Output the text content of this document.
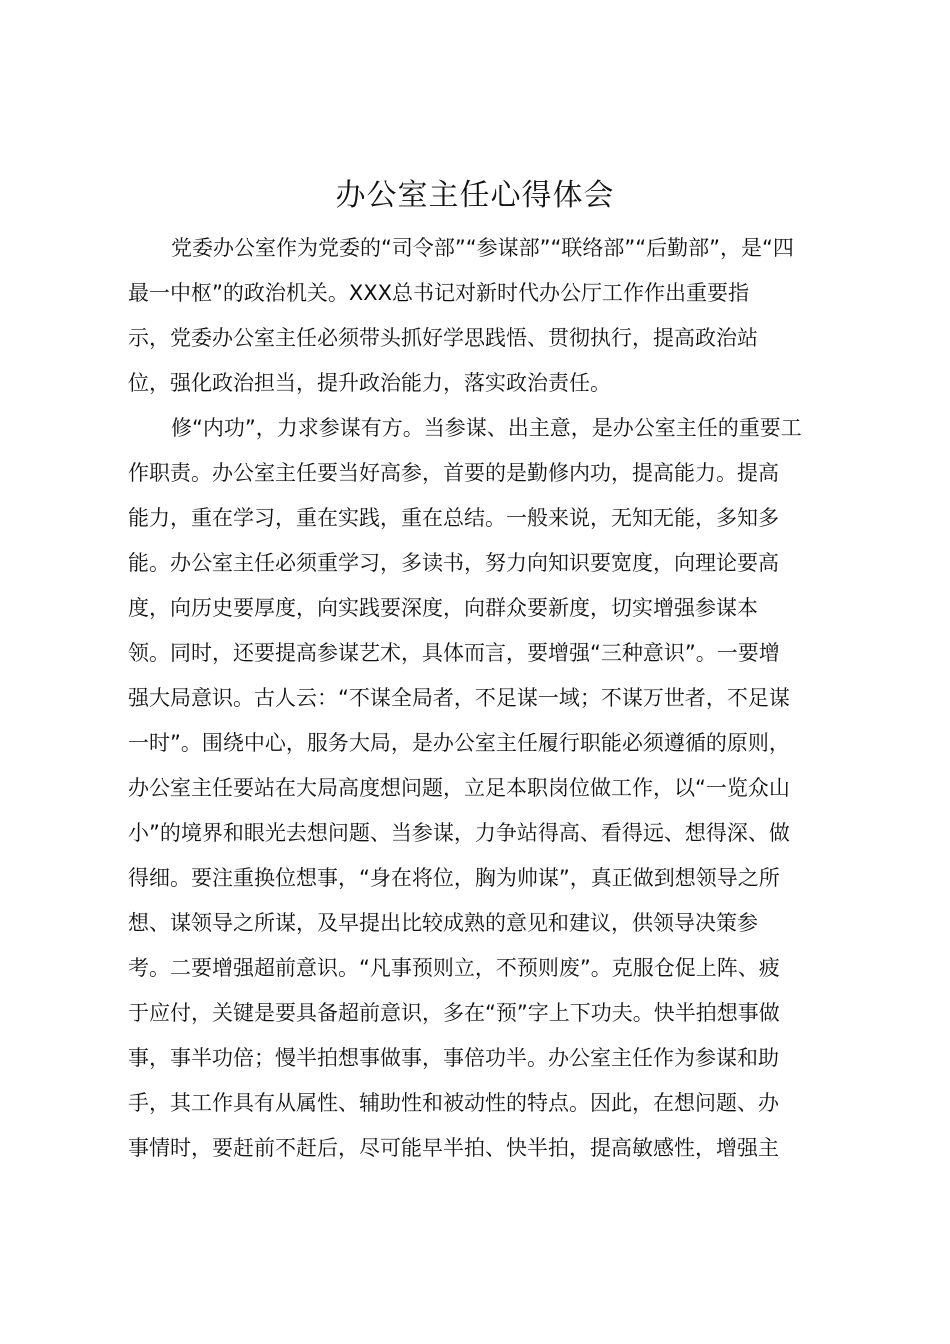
办公室主任心得体会
党委办公室作为党委的“司令部”“参谋部”“联络部”“后勤部”，是“四
最一中枢”的政治机关。XXX总书记对新时代办公厅工作作出重要指
示，党委办公室主任必须带头抓好学思践悟、贯彻执行，提高政治站
位，强化政治担当，提升政治能力，落实政治责任。
修“内功”，力求参谋有方。当参谋、出主意，是办公室主任的重要工
作职责。办公室主任要当好高参，首要的是勤修内功，提高能力。提高
能力，重在学习，重在实践，重在总结。一般来说，无知无能，多知多
能。办公室主任必须重学习，多读书，努力向知识要宽度，向理论要高
度，向历史要厚度，向实践要深度，向群众要新度，切实增强参谋本
领。同时，还要提高参谋艺术，具体而言，要增强“三种意识”。一要增
强大局意识。古人云：“不谋全局者，不足谋一域；不谋万世者，不足谋
一时”。围绕中心，服务大局，是办公室主任履行职能必须遵循的原则，
办公室主任要站在大局高度想问题，立足本职岗位做工作，以“一览众山
小”的境界和眼光去想问题、当参谋，力争站得高、看得远、想得深、做
得细。要注重换位想事，“身在将位，胸为帅谋”，真正做到想领导之所
想、谋领导之所谋，及早提出比较成熟的意见和建议，供领导决策参
考。二要增强超前意识。“凡事预则立，不预则废”。克服仓促上阵、疲
于应付，关键是要具备超前意识，多在“预”字上下功夫。快半拍想事做
事，事半功倍；慢半拍想事做事，事倍功半。办公室主任作为参谋和助
手，其工作具有从属性、辅助性和被动性的特点。因此，在想问题、办
事情时，要赶前不赶后，尽可能早半拍、快半拍，提高敏感性，增强主
